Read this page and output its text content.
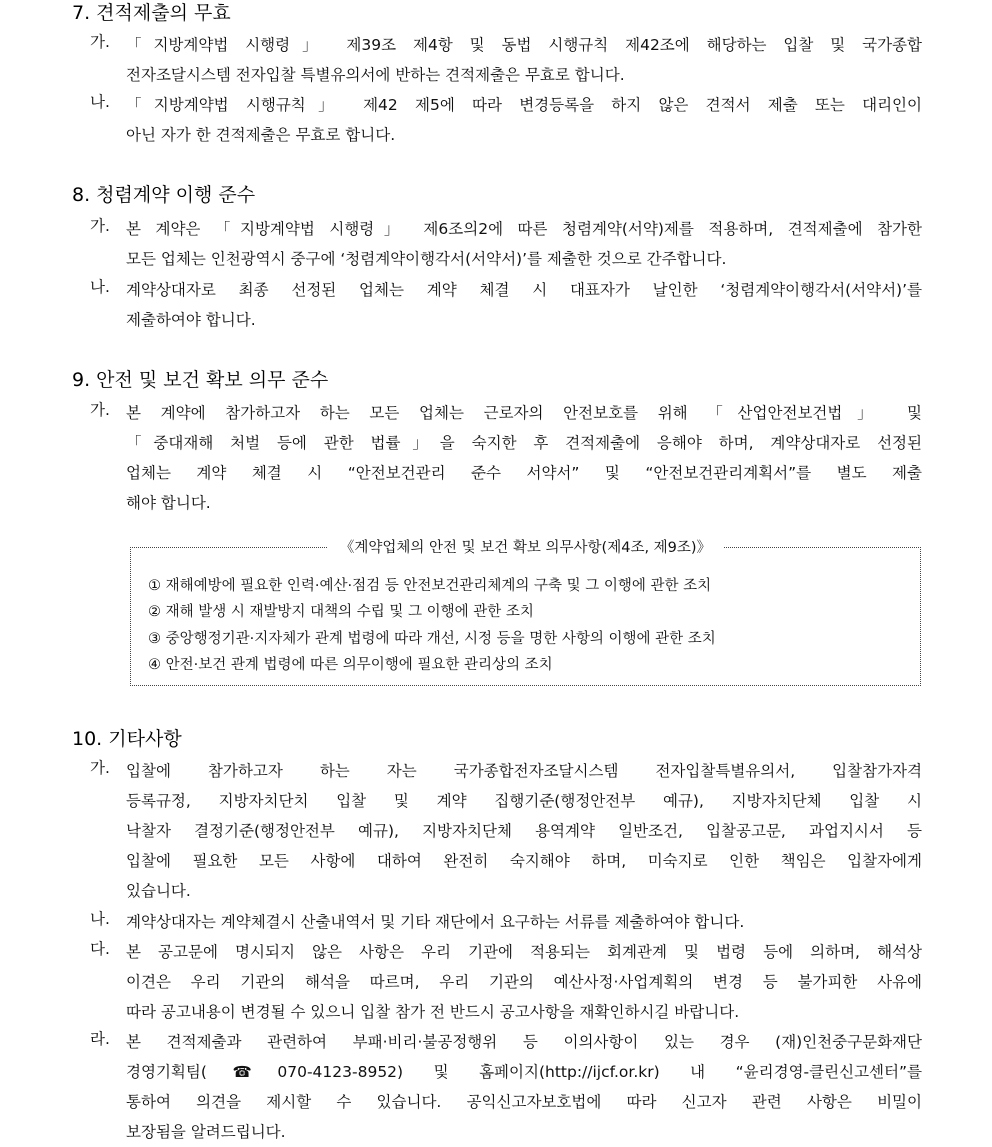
7. 견적제출의 무효
가.	「지방계약법 시행령」 제39조 제4항 및 동법 시행규칙 제42조에 해당하는 입찰 및 국가종합
전자조달시스템 전자입찰 특별유의서에 반하는 견적제출은 무효로 합니다.
나.	「지방계약법 시행규칙」 제42 제5에 따라 변경등록을 하지 않은 견적서 제출 또는 대리인이
아닌 자가 한 견적제출은 무효로 합니다.
8. 청렴계약 이행 준수
가.	본 계약은 「지방계약법 시행령」 제6조의2에 따른 청렴계약(서약)제를 적용하며, 견적제출에 참가한
모든 업체는 인천광역시 중구에 ‘청렴계약이행각서(서약서)’를 제출한 것으로 간주합니다.
나.	계약상대자로 최종 선정된 업체는 계약 체결 시 대표자가 날인한 ‘청렴계약이행각서(서약서)’를
제출하여야 합니다.
9. 안전 및 보건 확보 의무 준수
가.	본 계약에 참가하고자 하는 모든 업체는 근로자의 안전보호를 위해 「산업안전보건법」 및
「중대재해 처벌 등에 관한 법률」을 숙지한 후 견적제출에 응해야 하며, 계약상대자로 선정된
업체는 계약 체결 시 “안전보건관리 준수 서약서” 및 “안전보건관리계획서”를 별도 제출
해야 합니다.
《계약업체의 안전 및 보건 확보 의무사항(제4조, 제9조)》
① 재해예방에 필요한 인력·예산·점검 등 안전보건관리체계의 구축 및 그 이행에 관한 조치
② 재해 발생 시 재발방지 대책의 수립 및 그 이행에 관한 조치
③ 중앙행정기관·지자체가 관계 법령에 따라 개선, 시정 등을 명한 사항의 이행에 관한 조치
④ 안전·보건 관계 법령에 따른 의무이행에 필요한 관리상의 조치
10. 기타사항
가.	입찰에 참가하고자 하는 자는 국가종합전자조달시스템 전자입찰특별유의서, 입찰참가자격
등록규정, 지방자치단치 입찰 및 계약 집행기준(행정안전부 예규), 지방자치단체 입찰 시
낙찰자 결정기준(행정안전부 예규), 지방자치단체 용역계약 일반조건, 입찰공고문, 과업지시서 등
입찰에 필요한 모든 사항에 대하여 완전히 숙지해야 하며, 미숙지로 인한 책임은 입찰자에게
있습니다.
나.	계약상대자는 계약체결시 산출내역서 및 기타 재단에서 요구하는 서류를 제출하여야 합니다.
다.	본 공고문에 명시되지 않은 사항은 우리 기관에 적용되는 회계관계 및 법령 등에 의하며, 해석상
이견은 우리 기관의 해석을 따르며, 우리 기관의 예산사정·사업계획의 변경 등 불가피한 사유에
따라 공고내용이 변경될 수 있으니 입찰 참가 전 반드시 공고사항을 재확인하시길 바랍니다.
라.	본 견적제출과 관련하여 부패·비리·불공정행위 등 이의사항이 있는 경우 (재)인천중구문화재단
경영기획팀(☎070-4123-8952) 및 홈페이지(http://ijcf.or.kr) 내 “윤리경영-클린신고센터”를
통하여 의견을 제시할 수 있습니다. 공익신고자보호법에 따라 신고자 관련 사항은 비밀이
보장됨을 알려드립니다.
